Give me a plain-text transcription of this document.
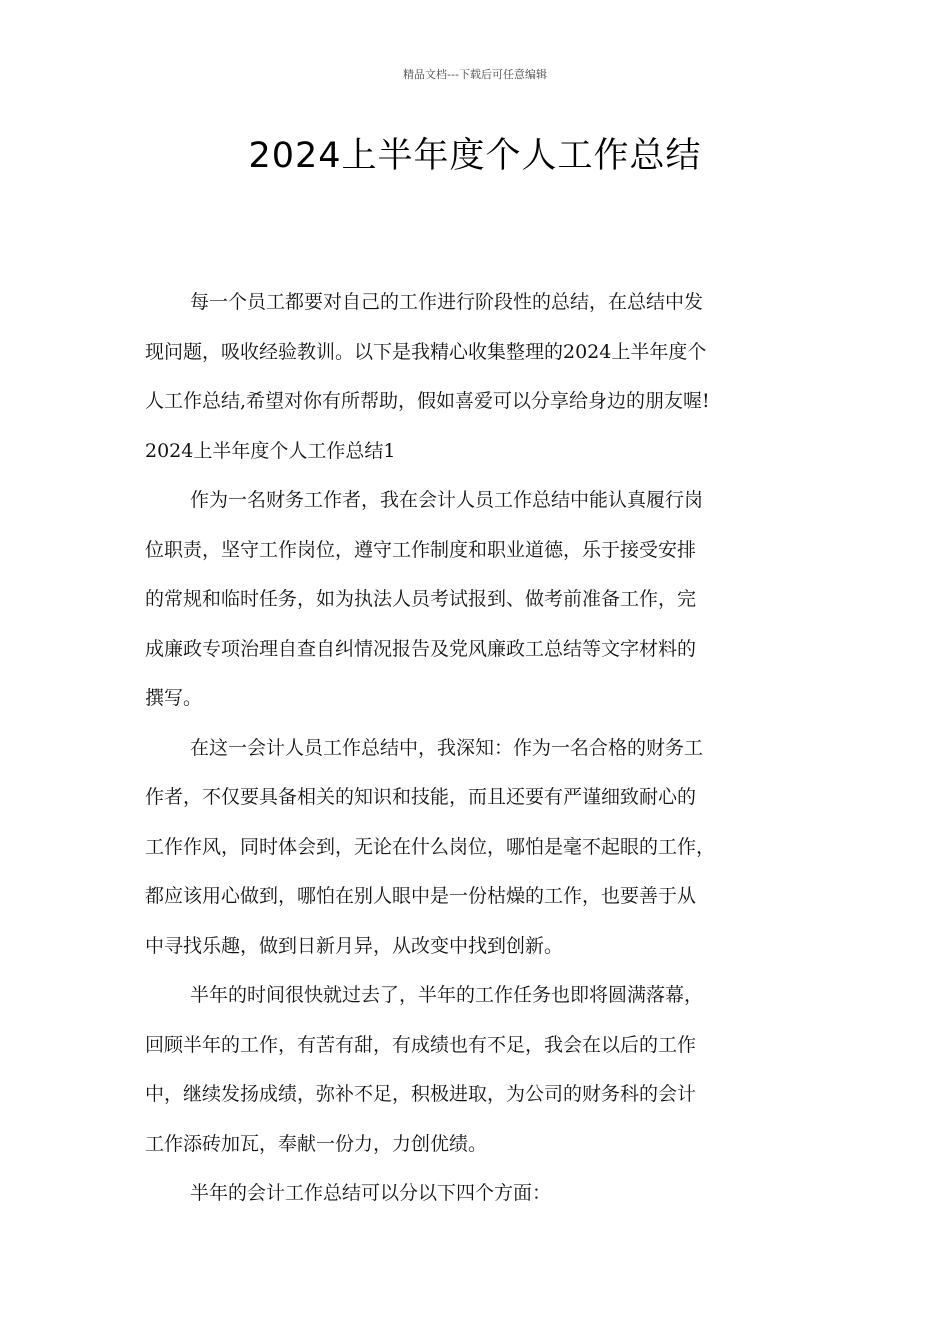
精品文档---下载后可任意编辑
2024上半年度个人工作总结
每一个员工都要对自己的工作进行阶段性的总结，在总结中发
现问题，吸收经验教训。以下是我精心收集整理的2024上半年度个
人工作总结,希望对你有所帮助，假如喜爱可以分享给身边的朋友喔!
2024上半年度个人工作总结1
作为一名财务工作者，我在会计人员工作总结中能认真履行岗
位职责，坚守工作岗位，遵守工作制度和职业道德，乐于接受安排
的常规和临时任务，如为执法人员考试报到、做考前准备工作，完
成廉政专项治理自查自纠情况报告及党风廉政工总结等文字材料的
撰写。
在这一会计人员工作总结中，我深知：作为一名合格的财务工
作者，不仅要具备相关的知识和技能，而且还要有严谨细致耐心的
工作作风，同时体会到，无论在什么岗位，哪怕是毫不起眼的工作，
都应该用心做到，哪怕在别人眼中是一份枯燥的工作，也要善于从
中寻找乐趣，做到日新月异，从改变中找到创新。
半年的时间很快就过去了，半年的工作任务也即将圆满落幕，
回顾半年的工作，有苦有甜，有成绩也有不足，我会在以后的工作
中，继续发扬成绩，弥补不足，积极进取，为公司的财务科的会计
工作添砖加瓦，奉献一份力，力创优绩。
半年的会计工作总结可以分以下四个方面：
